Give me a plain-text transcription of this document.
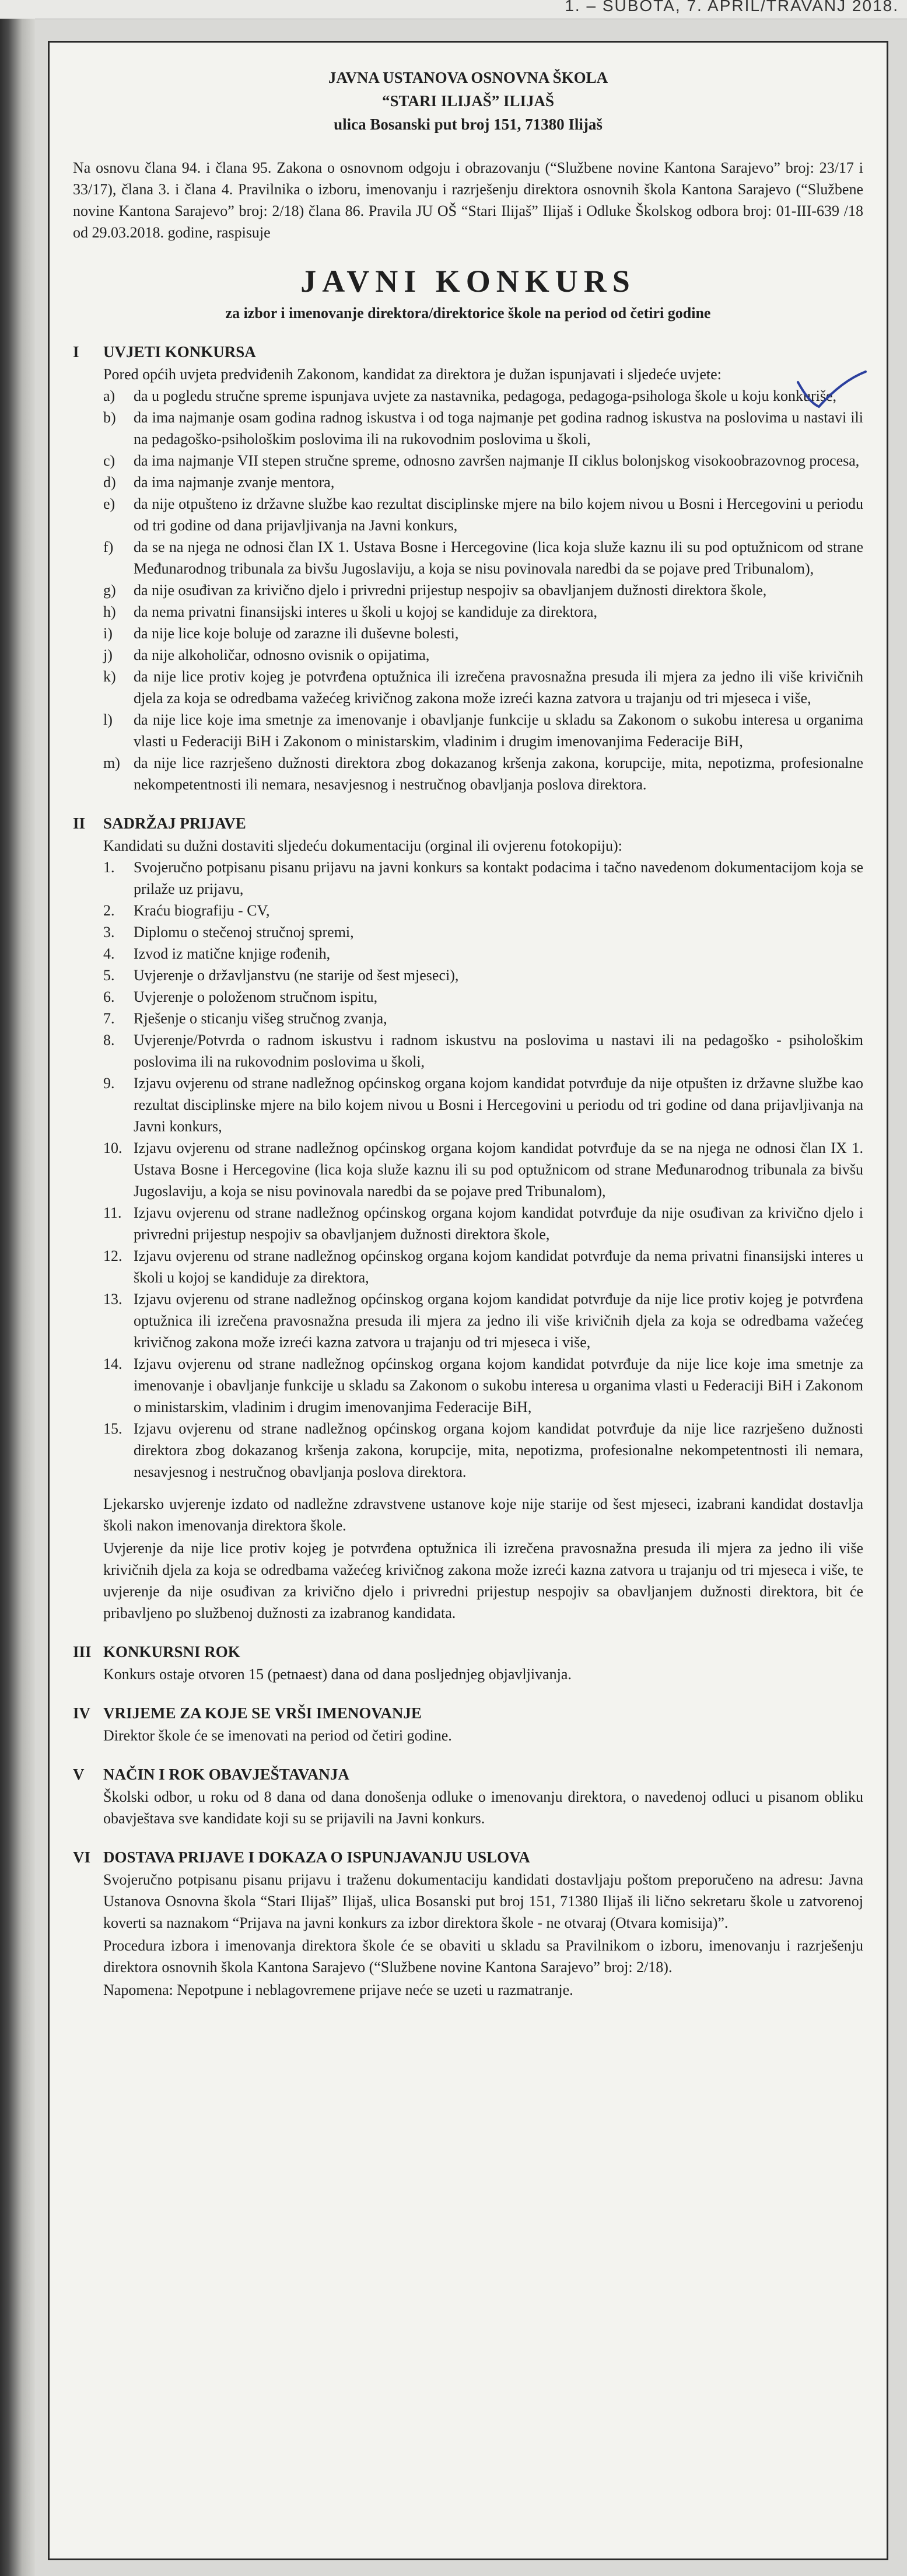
1. – SUBOTA, 7. APRIL/TRAVANJ 2018.
JAVNA USTANOVA OSNOVNA ŠKOLA
“STARI ILIJAŠ” ILIJAŠ
ulica Bosanski put broj 151, 71380 Ilijaš
Na osnovu člana 94. i člana 95. Zakona o osnovnom odgoju i obrazovanju (“Službene novine Kantona Sarajevo” broj: 23/17 i 33/17), člana 3. i člana 4. Pravilnika o izboru, imenovanju i razrješenju direktora osnovnih škola Kantona Sarajevo (“Službene novine Kantona Sarajevo” broj: 2/18) člana 86. Pravila JU OŠ “Stari Ilijaš” Ilijaš i Odluke Školskog odbora broj: 01-III-639 /18 od 29.03.2018. godine, raspisuje
JAVNI KONKURS
za izbor i imenovanje direktora/direktorice škole na period od četiri godine
I	UVJETI KONKURSA
Pored općih uvjeta predviđenih Zakonom, kandidat za direktora je dužan ispunjavati i sljedeće uvjete:
a)	da u pogledu stručne spreme ispunjava uvjete za nastavnika, pedagoga, pedagoga-psihologa škole u koju konkuriše,
b)	da ima najmanje osam godina radnog iskustva i od toga najmanje pet godina radnog iskustva na poslovima u nastavi ili na pedagoško-psihološkim poslovima ili na rukovodnim poslovima u školi,
c)	da ima najmanje VII stepen stručne spreme, odnosno završen najmanje II ciklus bolonjskog visokoobrazovnog procesa,
d)	da ima najmanje zvanje mentora,
e)	da nije otpušteno iz državne službe kao rezultat disciplinske mjere na bilo kojem nivou u Bosni i Hercegovini u periodu od tri godine od dana prijavljivanja na Javni konkurs,
f)	da se na njega ne odnosi član IX 1. Ustava Bosne i Hercegovine (lica koja služe kaznu ili su pod optužnicom od strane Međunarodnog tribunala za bivšu Jugoslaviju, a koja se nisu povinovala naredbi da se pojave pred Tribunalom),
g)	da nije osuđivan za krivično djelo i privredni prijestup nespojiv sa obavljanjem dužnosti direktora škole,
h)	da nema privatni finansijski interes u školi u kojoj se kandiduje za direktora,
i)	da nije lice koje boluje od zarazne ili duševne bolesti,
j)	da nije alkoholičar, odnosno ovisnik o opijatima,
k)	da nije lice protiv kojeg je potvrđena optužnica ili izrečena pravosnažna presuda ili mjera za jedno ili više krivičnih djela za koja se odredbama važećeg krivičnog zakona može izreći kazna zatvora u trajanju od tri mjeseca i više,
l)	da nije lice koje ima smetnje za imenovanje i obavljanje funkcije u skladu sa Zakonom o sukobu interesa u organima vlasti u Federaciji BiH i Zakonom o ministarskim, vladinim i drugim imenovanjima Federacije BiH,
m) da nije lice razrješeno dužnosti direktora zbog dokazanog kršenja zakona, korupcije, mita, nepotizma, profesionalne nekompetentnosti ili nemara, nesavjesnog i nestručnog obavljanja poslova direktora.
II	SADRŽAJ PRIJAVE
Kandidati su dužni dostaviti sljedeću dokumentaciju (orginal ili ovjerenu fotokopiju):
1.	Svojeručno potpisanu pisanu prijavu na javni konkurs sa kontakt podacima i tačno navedenom dokumentacijom koja se prilaže uz prijavu,
2.	Kraću biografiju - CV,
3.	Diplomu o stečenoj stručnoj spremi,
4.	Izvod iz matične knjige rođenih,
5.	Uvjerenje o državljanstvu (ne starije od šest mjeseci),
6.	Uvjerenje o položenom stručnom ispitu,
7.	Rješenje o sticanju višeg stručnog zvanja,
8.	Uvjerenje/Potvrda o radnom iskustvu i radnom iskustvu na poslovima u nastavi ili na pedagoško - psihološkim poslovima ili na rukovodnim poslovima u školi,
9.	Izjavu ovjerenu od strane nadležnog općinskog organa kojom kandidat potvrđuje da nije otpušten iz državne službe kao rezultat disciplinske mjere na bilo kojem nivou u Bosni i Hercegovini u periodu od tri godine od dana prijavljivanja na Javni konkurs,
10. Izjavu ovjerenu od strane nadležnog općinskog organa kojom kandidat potvrđuje da se na njega ne odnosi član IX 1. Ustava Bosne i Hercegovine (lica koja služe kaznu ili su pod optužnicom od strane Međunarodnog tribunala za bivšu Jugoslaviju, a koja se nisu povinovala naredbi da se pojave pred Tribunalom),
11. Izjavu ovjerenu od strane nadležnog općinskog organa kojom kandidat potvrđuje da nije osuđivan za krivično djelo i privredni prijestup nespojiv sa obavljanjem dužnosti direktora škole,
12. Izjavu ovjerenu od strane nadležnog općinskog organa kojom kandidat potvrđuje da nema privatni finansijski interes u školi u kojoj se kandiduje za direktora,
13. Izjavu ovjerenu od strane nadležnog općinskog organa kojom kandidat potvrđuje da nije lice protiv kojeg je potvrđena optužnica ili izrečena pravosnažna presuda ili mjera za jedno ili više krivičnih djela za koja se odredbama važećeg krivičnog zakona može izreći kazna zatvora u trajanju od tri mjeseca i više,
14. Izjavu ovjerenu od strane nadležnog općinskog organa kojom kandidat potvrđuje da nije lice koje ima smetnje za imenovanje i obavljanje funkcije u skladu sa Zakonom o sukobu interesa u organima vlasti u Federaciji BiH i Zakonom o ministarskim, vladinim i drugim imenovanjima Federacije BiH,
15. Izjavu ovjerenu od strane nadležnog općinskog organa kojom kandidat potvrđuje da nije lice razrješeno dužnosti direktora zbog dokazanog kršenja zakona, korupcije, mita, nepotizma, profesionalne nekompetentnosti ili nemara, nesavjesnog i nestručnog obavljanja poslova direktora.
Ljekarsko uvjerenje izdato od nadležne zdravstvene ustanove koje nije starije od šest mjeseci, izabrani kandidat dostavlja školi nakon imenovanja direktora škole.
Uvjerenje da nije lice protiv kojeg je potvrđena optužnica ili izrečena pravosnažna presuda ili mjera za jedno ili više krivičnih djela za koja se odredbama važećeg krivičnog zakona može izreći kazna zatvora u trajanju od tri mjeseca i više, te uvjerenje da nije osuđivan za krivično djelo i privredni prijestup nespojiv sa obavljanjem dužnosti direktora, bit će pribavljeno po službenoj dužnosti za izabranog kandidata.
III KONKURSNI ROK
Konkurs ostaje otvoren 15 (petnaest) dana od dana posljednjeg objavljivanja.
IV VRIJEME ZA KOJE SE VRŠI IMENOVANJE
Direktor škole će se imenovati na period od četiri godine.
V	NAČIN I ROK OBAVJEŠTAVANJA
Školski odbor, u roku od 8 dana od dana donošenja odluke o imenovanju direktora, o navedenoj odluci u pisanom obliku obavještava sve kandidate koji su se prijavili na Javni konkurs.
VI DOSTAVA PRIJAVE I DOKAZA O ISPUNJAVANJU USLOVA
Svojeručno potpisanu pisanu prijavu i traženu dokumentaciju kandidati dostavljaju poštom preporučeno na adresu: Javna Ustanova Osnovna škola “Stari Ilijaš” Ilijaš, ulica Bosanski put broj 151, 71380 Ilijaš ili lično sekretaru škole u zatvorenoj koverti sa naznakom “Prijava na javni konkurs za izbor direktora škole - ne otvaraj (Otvara komisija)”.
Procedura izbora i imenovanja direktora škole će se obaviti u skladu sa Pravilnikom o izboru, imenovanju i razrješenju direktora osnovnih škola Kantona Sarajevo (“Službene novine Kantona Sarajevo” broj: 2/18).
Napomena: Nepotpune i neblagovremene prijave neće se uzeti u razmatranje.
